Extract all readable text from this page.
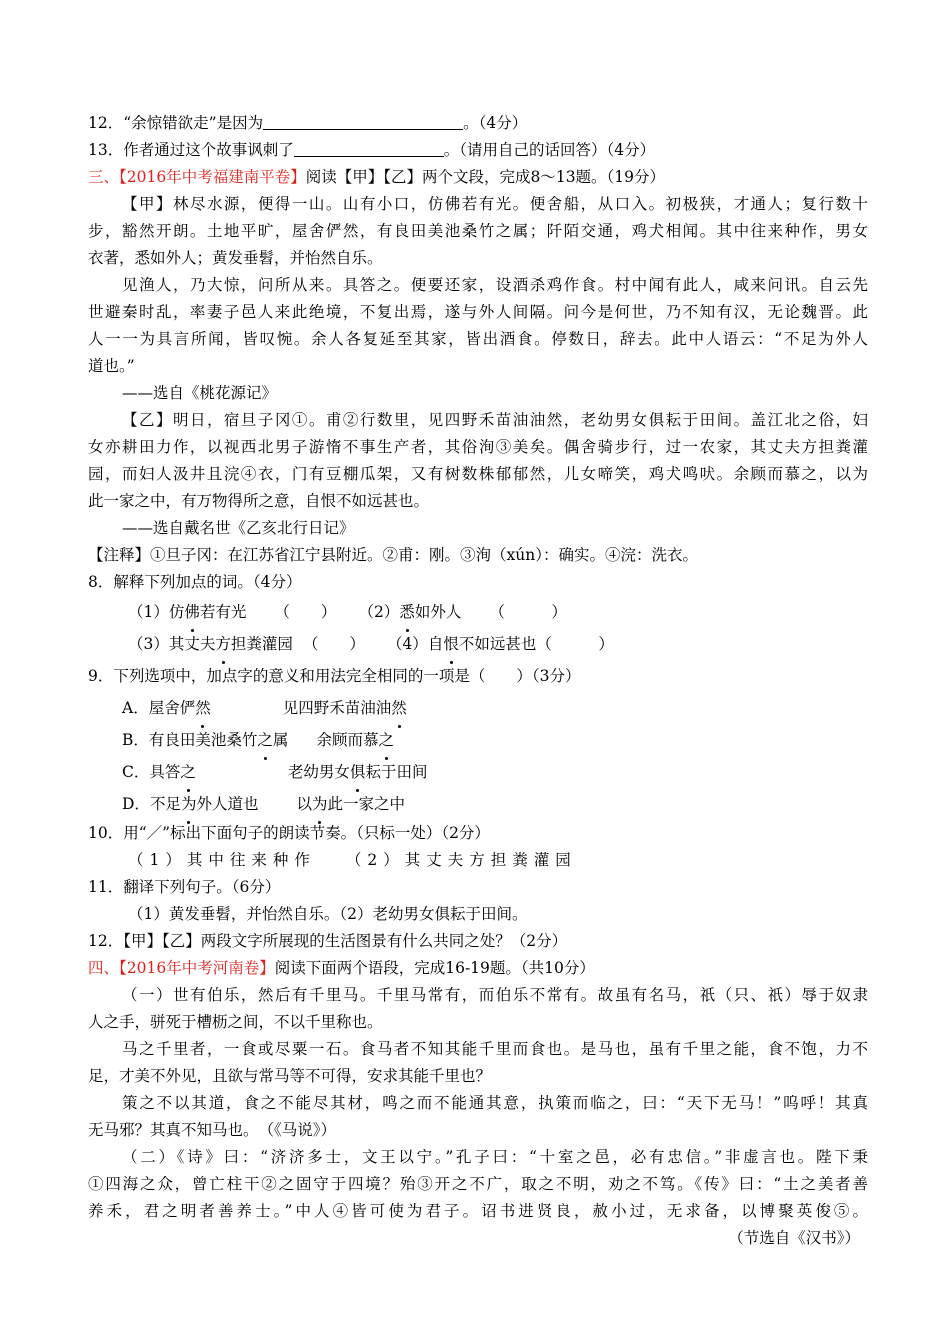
12．“余惊错欲走”是因为	。（4分）
13．作者通过这个故事讽刺了	。（请用自己的话回答）（4分）
三、【2016年中考福建南平卷】阅读【甲】【乙】两个文段，完成8～13题。（19分）
【甲】林尽水源，便得一山。山有小口，仿佛若有光。便舍船，从口入。初极狭，才通人；复行数十
步，豁然开朗。土地平旷，屋舍俨然，有良田美池桑竹之属；阡陌交通，鸡犬相闻。其中往来种作，男女
衣著，悉如外人；黄发垂髫，并怡然自乐。
见渔人，乃大惊，问所从来。具答之。便要还家，设酒杀鸡作食。村中闻有此人，咸来问讯。自云先
世避秦时乱，率妻子邑人来此绝境，不复出焉，遂与外人间隔。问今是何世，乃不知有汉，无论魏晋。此
人一一为具言所闻，皆叹惋。余人各复延至其家，皆出酒食。停数日，辞去。此中人语云：“不足为外人
道也。”
——选自《桃花源记》
【乙】明日，宿旦子冈①。甫②行数里，见四野禾苗油油然，老幼男女俱耘于田间。盖江北之俗，妇
女亦耕田力作，以视西北男子游惰不事生产者，其俗洵③美矣。偶舍骑步行，过一农家，其丈夫方担粪灌
园，而妇人汲井且浣④衣，门有豆棚瓜架，又有树数株郁郁然，儿女啼笑，鸡犬鸣吠。余顾而慕之，以为
此一家之中，有万物得所之意，自恨不如远甚也。
——选自戴名世《乙亥北行日记》
【注释】①旦子冈：在江苏省江宁县附近。②甫：刚。③洵（xún）：确实。④浣：洗衣。
8．解释下列加点的词。（4分）
（1）仿佛若有光 （　　） （2）悉如外人 （　　　）
（3）其丈夫方担粪灌园 （　　） （4）自恨不如远甚也（　　　）
9．下列选项中，加点字的意义和用法完全相同的一项是（　　）（3分）
A．屋舍俨然	见四野禾苗油油然
B．有良田美池桑竹之属 余顾而慕之
C．具答之	老幼男女俱耘于田间
D．不足为外人道也 以为此一家之中
10．用“／”标出下面句子的朗读节奏。（只标一处）（2分）
（1）其中往来种作 （2）其丈夫方担粪灌园
11．翻译下列句子。（6分）
（1）黄发垂髫，并怡然自乐。（2）老幼男女俱耘于田间。
12．【甲】【乙】两段文字所展现的生活图景有什么共同之处？（2分）
四、【2016年中考河南卷】阅读下面两个语段，完成16-19题。（共10分）
（一）世有伯乐，然后有千里马。千里马常有，而伯乐不常有。故虽有名马，祇（只、祇）辱于奴隶
人之手，骈死于槽枥之间，不以千里称也。
马之千里者，一食或尽粟一石。食马者不知其能千里而食也。是马也，虽有千里之能，食不饱，力不
足，才美不外见，且欲与常马等不可得，安求其能千里也？
策之不以其道，食之不能尽其材，鸣之而不能通其意，执策而临之，曰：“天下无马！”呜呼！其真
无马邪？其真不知马也。　（《马说》）
（二）《诗》曰：“济济多士，文王以宁。”孔子曰：“十室之邑，必有忠信。”非虚言也。陛下秉
①四海之众，曾亡柱干②之固守于四境？殆③开之不广，取之不明，劝之不笃。《传》曰：“土之美者善
养禾，君之明者善养士。”中人④皆可使为君子。诏书进贤良，赦小过，无求备，以博聚英俊⑤。
（节选自《汉书》）
